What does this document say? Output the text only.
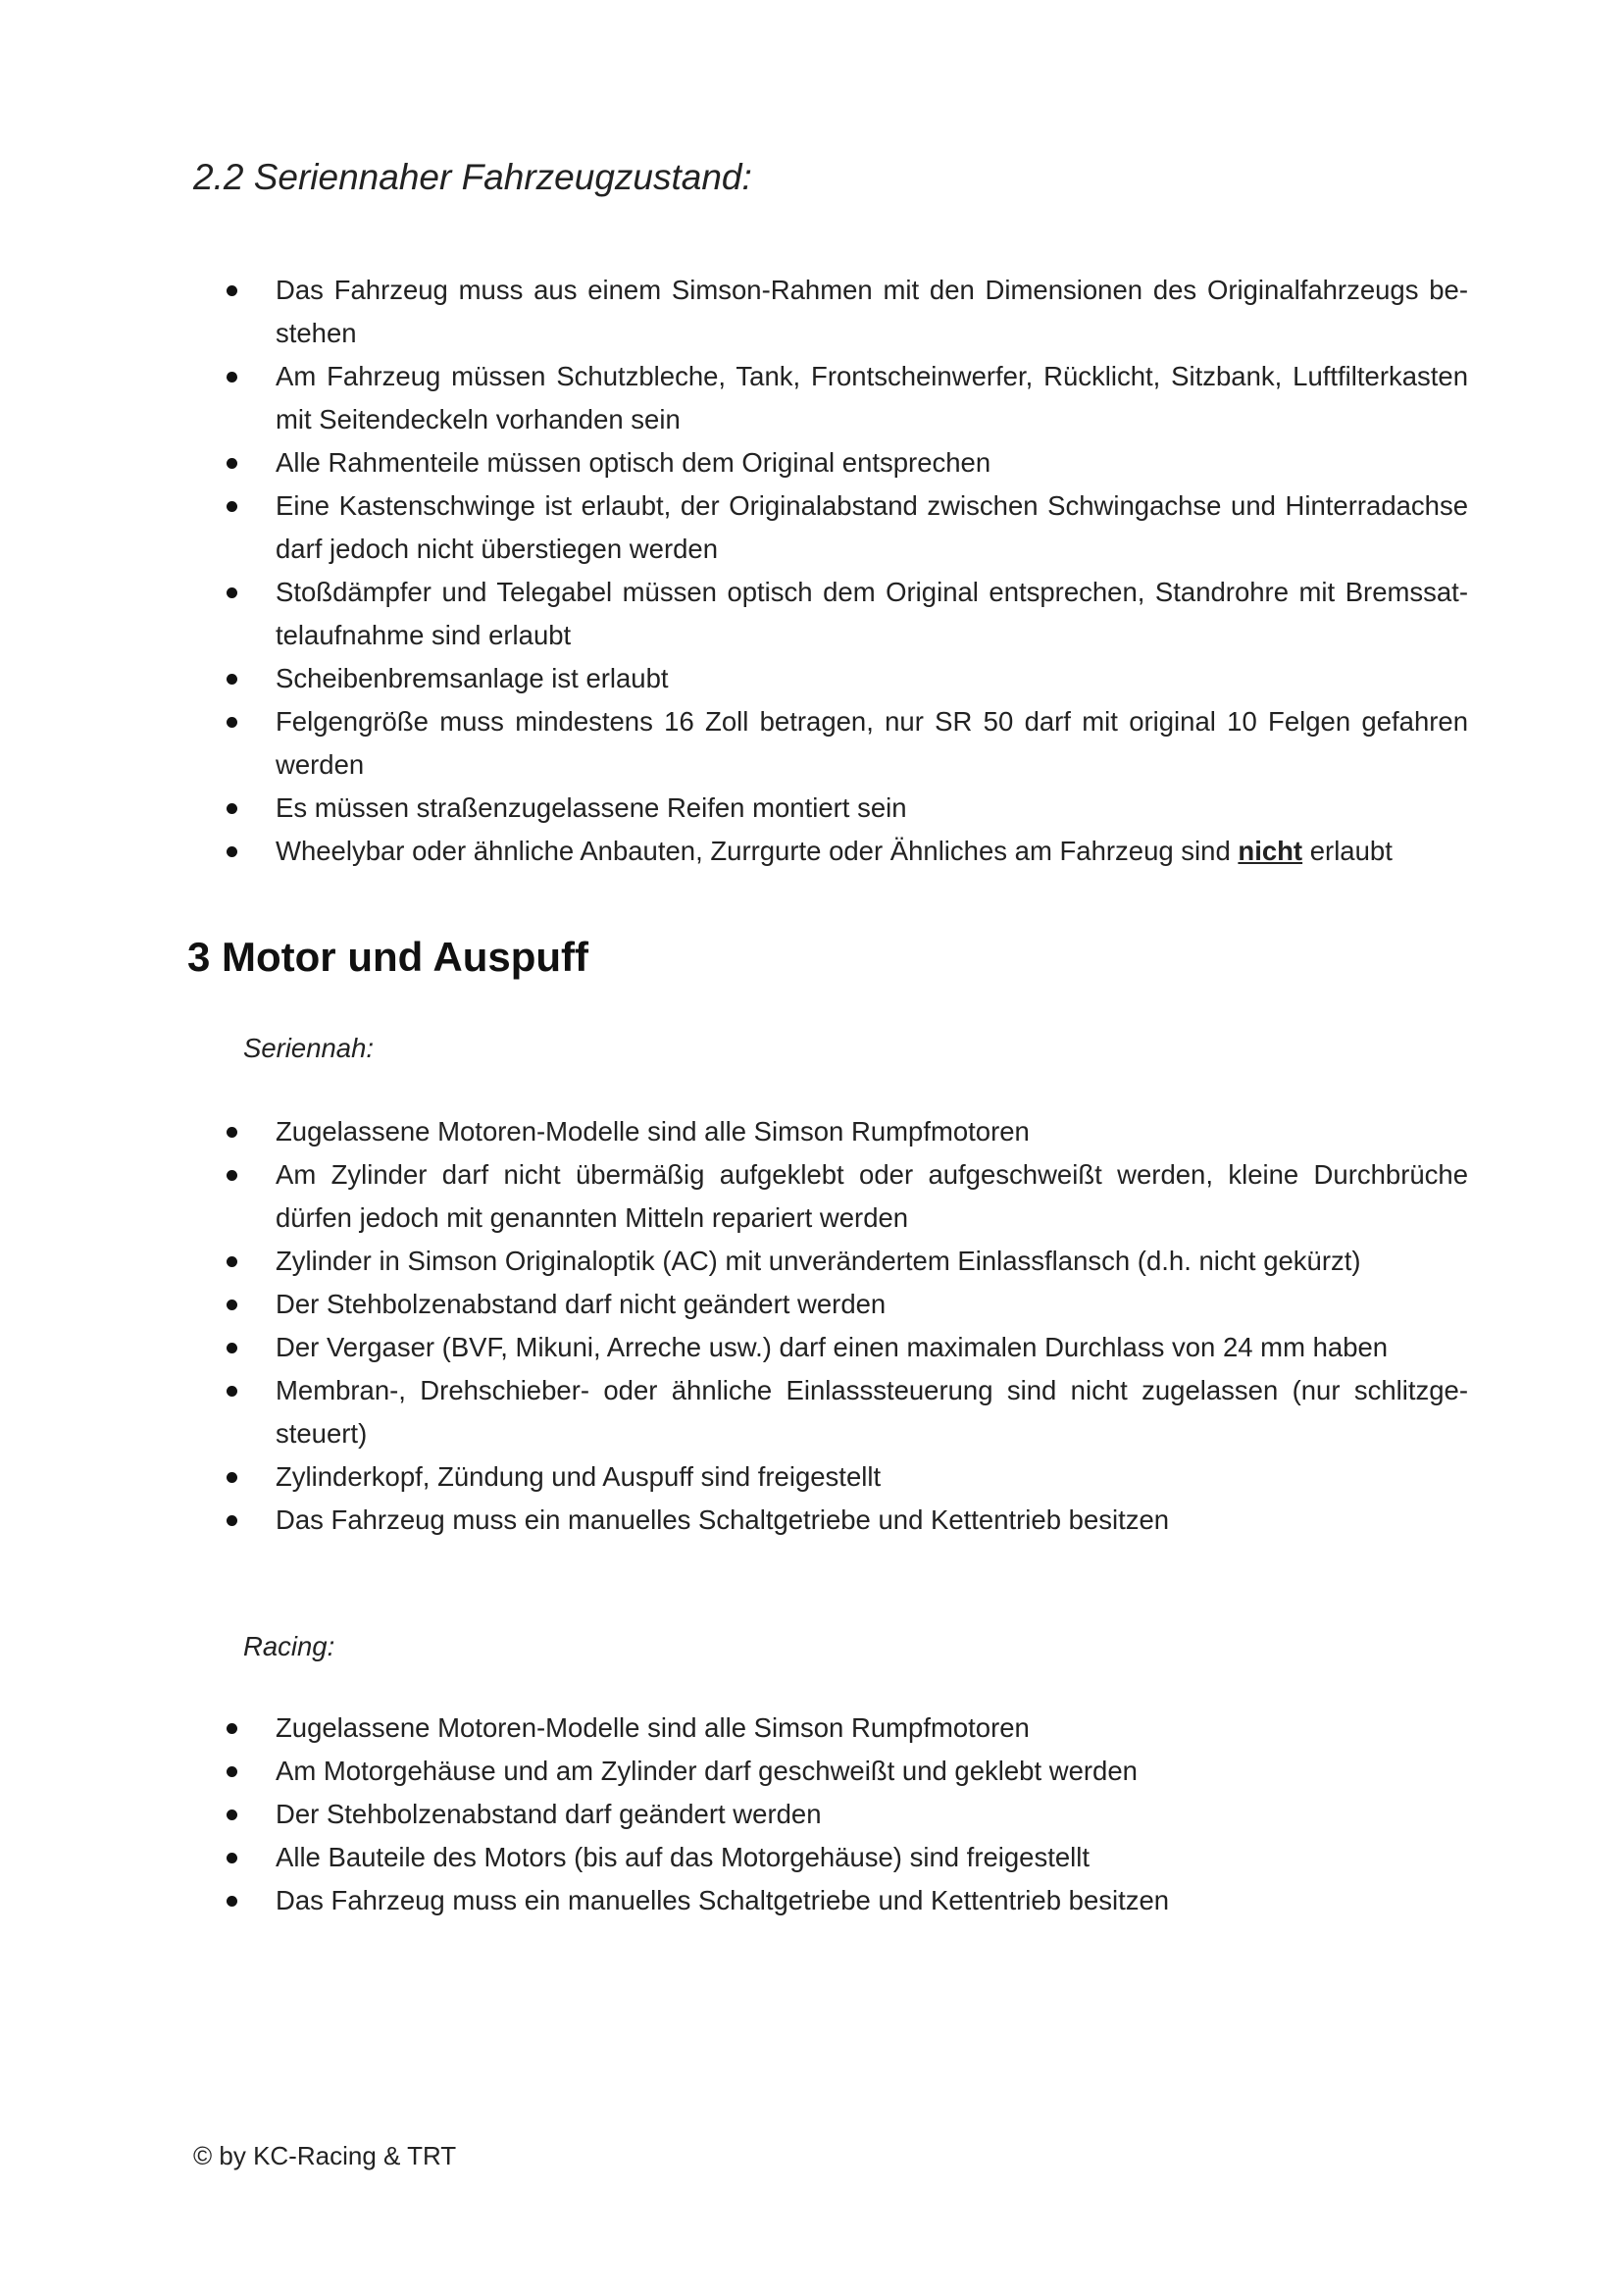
2.2 Seriennaher Fahrzeugzustand:
Das Fahrzeug muss aus einem Simson-Rahmen mit den Dimensionen des Originalfahrzeugs be- stehen
Am Fahrzeug müssen Schutzbleche, Tank, Frontscheinwerfer, Rücklicht, Sitzbank, Luftfilterkasten mit Seitendeckeln vorhanden sein
Alle Rahmenteile müssen optisch dem Original entsprechen
Eine Kastenschwinge ist erlaubt, der Originalabstand zwischen Schwingachse und Hinterradachse darf jedoch nicht überstiegen werden
Stoßdämpfer und Telegabel müssen optisch dem Original entsprechen, Standrohre mit Bremssat- telaufnahme sind erlaubt
Scheibenbremsanlage ist erlaubt
Felgengröße muss mindestens 16 Zoll betragen, nur SR 50 darf mit original 10 Felgen gefahren werden
Es müssen straßenzugelassene Reifen montiert sein
Wheelybar oder ähnliche Anbauten, Zurrgurte oder Ähnliches am Fahrzeug sind nicht erlaubt
3 Motor und Auspuff

Seriennah:

Zugelassene Motoren-Modelle sind alle Simson Rumpfmotoren
Am Zylinder darf nicht übermäßig aufgeklebt oder aufgeschweißt werden, kleine Durchbrüche dürfen jedoch mit genannten Mitteln repariert werden
Zylinder in Simson Originaloptik (AC) mit unverändertem Einlassflansch (d.h. nicht gekürzt)
Der Stehbolzenabstand darf nicht geändert werden
Der Vergaser (BVF, Mikuni, Arreche usw.) darf einen maximalen Durchlass von 24 mm haben
Membran-, Drehschieber- oder ähnliche Einlasssteuerung sind nicht zugelassen (nur schlitzge- steuert)
Zylinderkopf, Zündung und Auspuff sind freigestellt
Das Fahrzeug muss ein manuelles Schaltgetriebe und Kettentrieb besitzen

Racing:

Zugelassene Motoren-Modelle sind alle Simson Rumpfmotoren
Am Motorgehäuse und am Zylinder darf geschweißt und geklebt werden
Der Stehbolzenabstand darf geändert werden
Alle Bauteile des Motors (bis auf das Motorgehäuse) sind freigestellt
Das Fahrzeug muss ein manuelles Schaltgetriebe und Kettentrieb besitzen

© by KC-Racing & TRT
